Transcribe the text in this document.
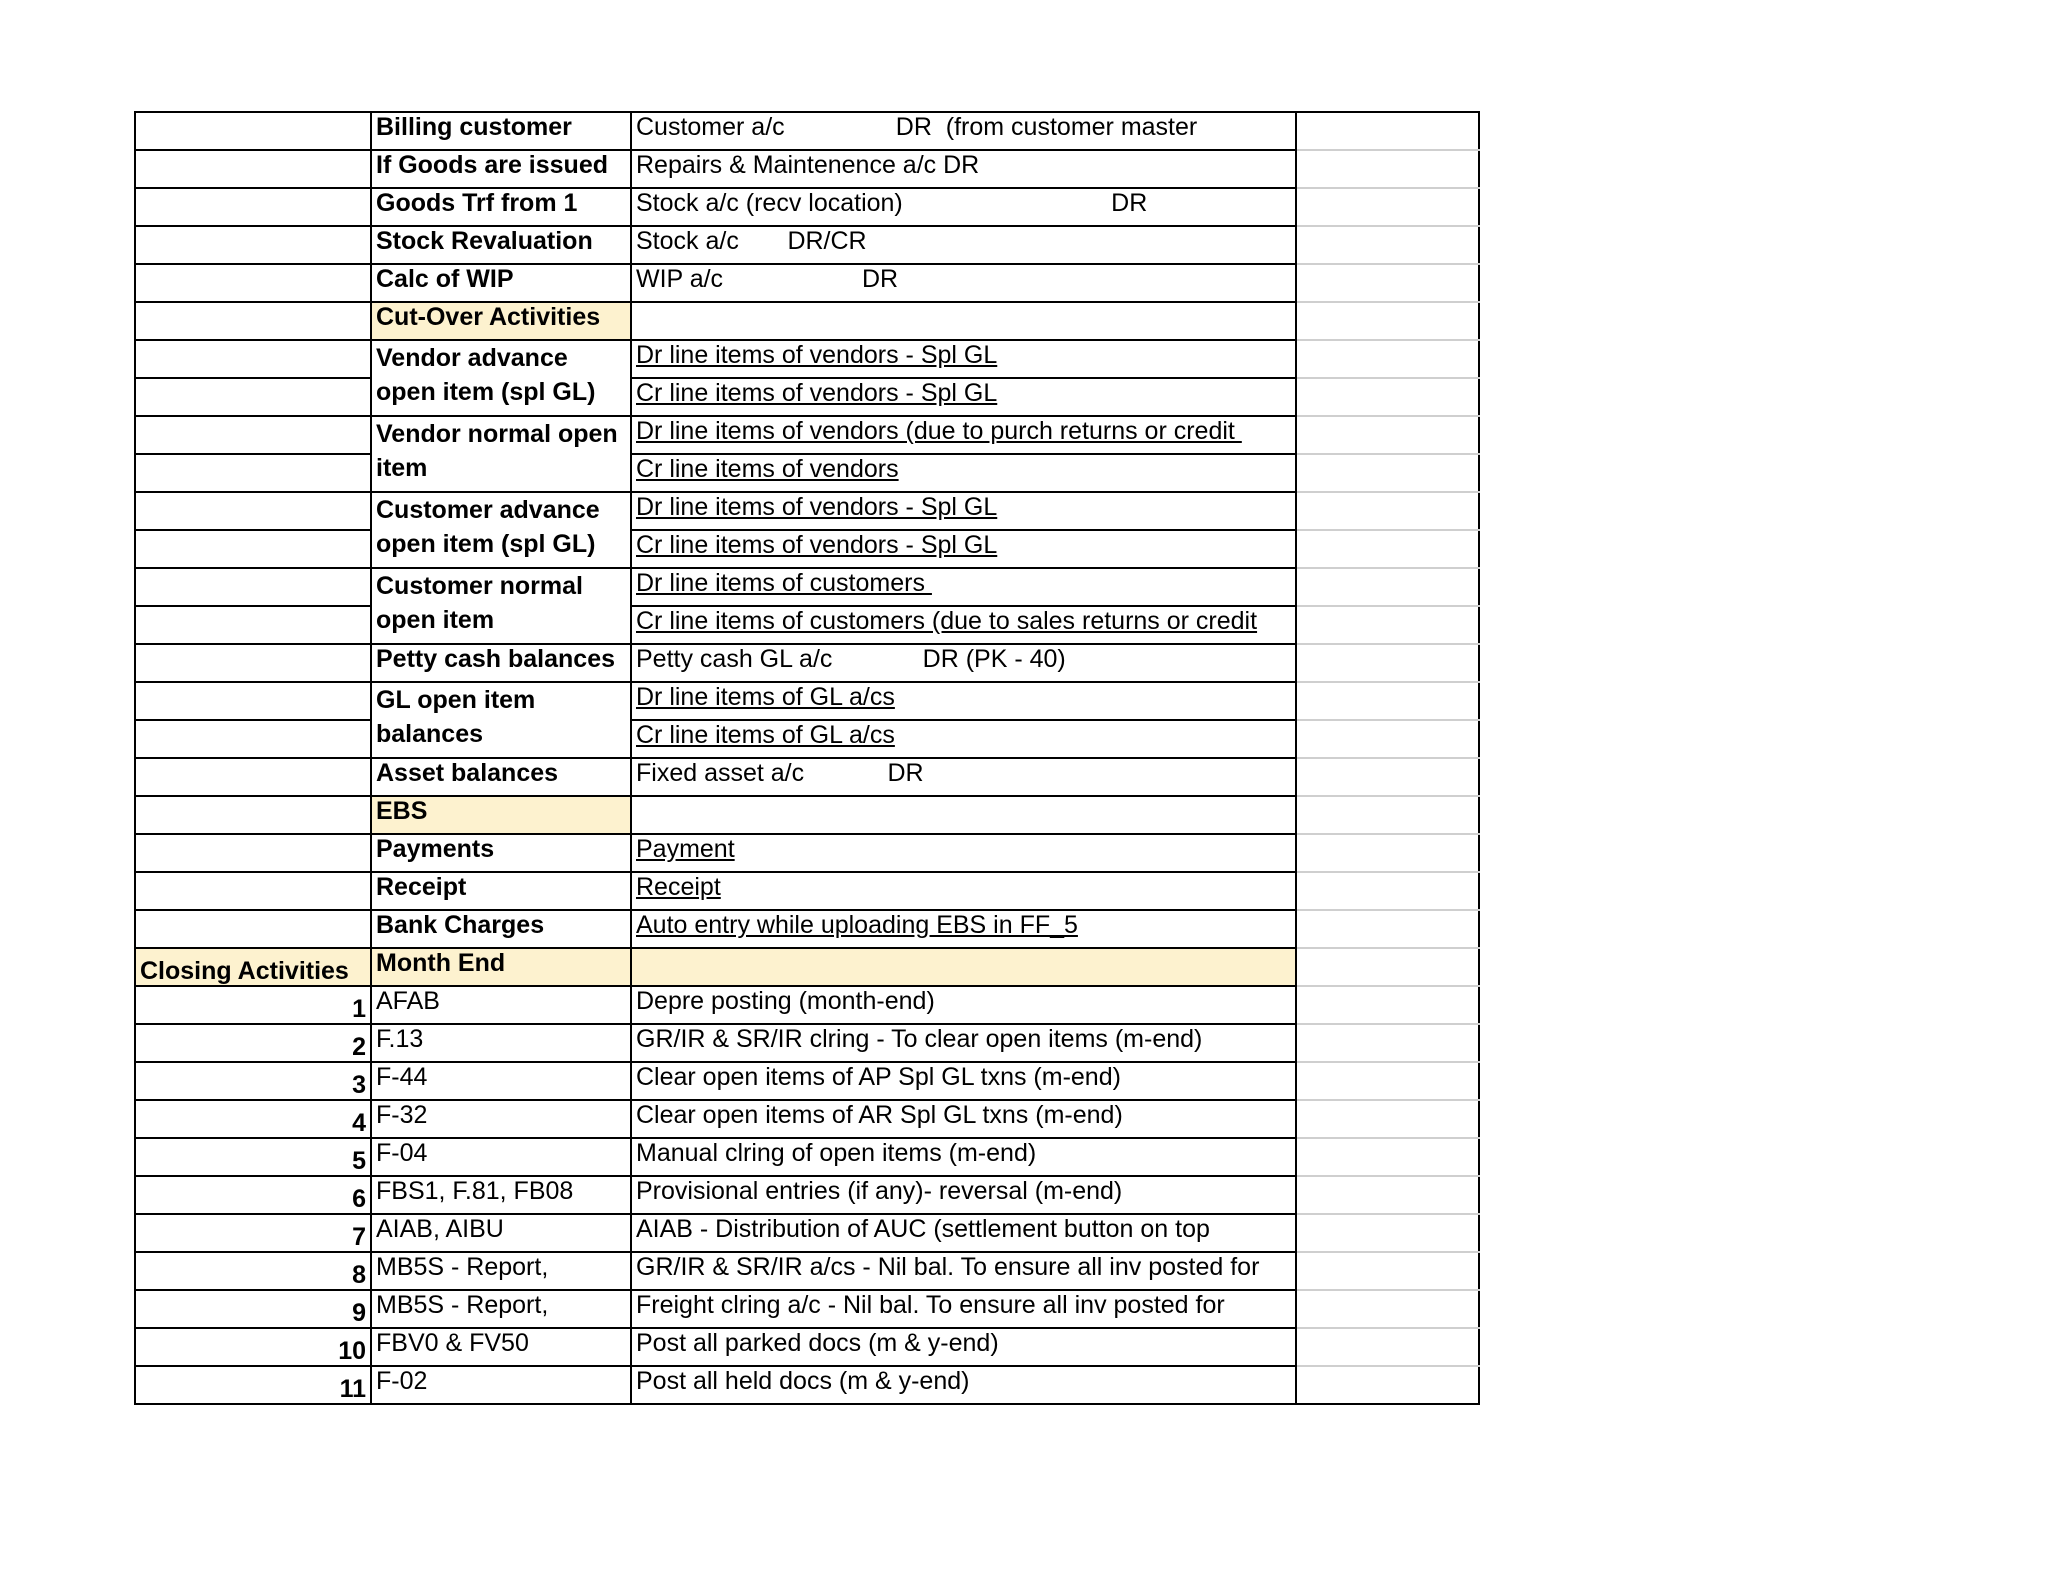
	Billing customer	Customer a/c                DR  (from customer master	
	If Goods are issued	Repairs & Maintenence a/c DR	
	Goods Trf from 1	Stock a/c (recv location)                              DR	
	Stock Revaluation	Stock a/c       DR/CR	
	Calc of WIP	WIP a/c                    DR	
	Cut-Over Activities		
	Vendor advance open item (spl GL)	Dr line items of vendors - Spl GL	
		Cr line items of vendors - Spl GL	
	Vendor normal open item	Dr line items of vendors (due to purch returns or credit	
		Cr line items of vendors	
	Customer advance open item (spl GL)	Dr line items of vendors - Spl GL	
		Cr line items of vendors - Spl GL	
	Customer normal open item	Dr line items of customers	
		Cr line items of customers (due to sales returns or credit	
	Petty cash balances	Petty cash GL a/c             DR (PK - 40)	
	GL open item balances	Dr line items of GL a/cs	
		Cr line items of GL a/cs	
	Asset balances	Fixed asset a/c            DR	
	EBS		
	Payments	Payment	
	Receipt	Receipt	
	Bank Charges	Auto entry while uploading EBS in FF_5	
Closing Activities	Month End		
1	AFAB	Depre posting (month-end)	
2	F.13	GR/IR & SR/IR clring - To clear open items (m-end)	
3	F-44	Clear open items of AP Spl GL txns (m-end)	
4	F-32	Clear open items of AR Spl GL txns (m-end)	
5	F-04	Manual clring of open items (m-end)	
6	FBS1, F.81, FB08	Provisional entries (if any)- reversal (m-end)	
7	AIAB, AIBU	AIAB - Distribution of AUC (settlement button on top	
8	MB5S - Report,	GR/IR & SR/IR a/cs - Nil bal. To ensure all inv posted for	
9	MB5S - Report,	Freight clring a/c - Nil bal. To ensure all inv posted for	
10	FBV0 & FV50	Post all parked docs (m & y-end)	
11	F-02	Post all held docs (m & y-end)	
